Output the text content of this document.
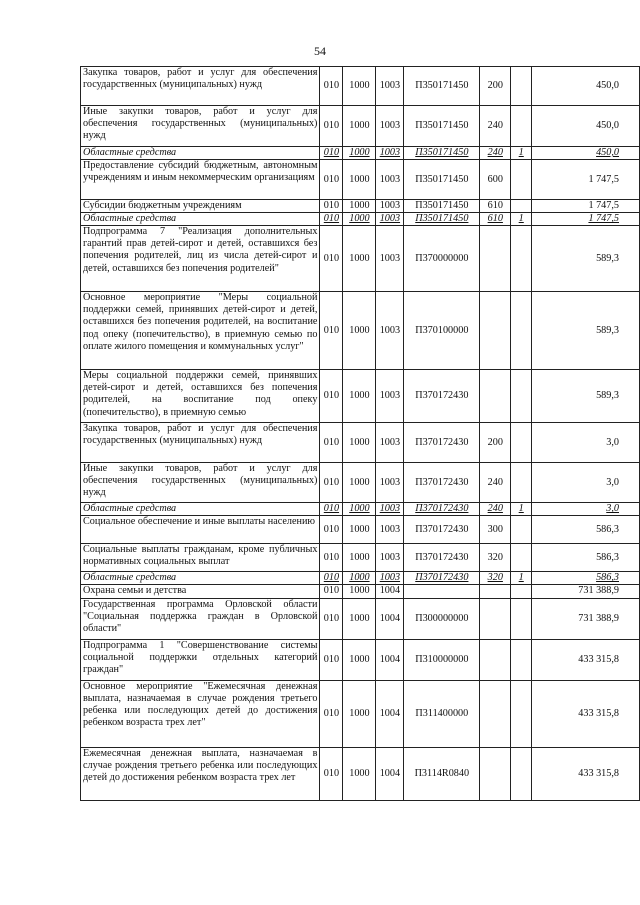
54
Закупка товаров, работ и услуг для обеспечения государственных (муниципальных) нужд	010	1000	1003	П350171450	200		450,0
Иные закупки товаров, работ и услуг для обеспечения государственных (муниципальных) нужд	010	1000	1003	П350171450	240		450,0
Областные средства	010	1000	1003	П350171450	240	1	450,0
Предоставление субсидий бюджетным, автономным учреждениям и иным некоммерческим организациям	010	1000	1003	П350171450	600		1 747,5
Субсидии бюджетным учреждениям	010	1000	1003	П350171450	610		1 747,5
Областные средства	010	1000	1003	П350171450	610	1	1 747,5
Подпрограмма 7 "Реализация дополнительных гарантий прав детей-сирот и детей, оставшихся без попечения родителей, лиц из числа детей-сирот и детей, оставшихся без попечения родителей"	010	1000	1003	П370000000			589,3
Основное мероприятие "Меры социальной поддержки семей, принявших детей-сирот и детей, оставшихся без попечения родителей, на воспитание под опеку (попечительство), в приемную семью по оплате жилого помещения и коммунальных услуг"	010	1000	1003	П370100000			589,3
Меры социальной поддержки семей, принявших детей-сирот и детей, оставшихся без попечения родителей, на воспитание под опеку (попечительство), в приемную семью	010	1000	1003	П370172430			589,3
Закупка товаров, работ и услуг для обеспечения государственных (муниципальных) нужд	010	1000	1003	П370172430	200		3,0
Иные закупки товаров, работ и услуг для обеспечения государственных (муниципальных) нужд	010	1000	1003	П370172430	240		3,0
Областные средства	010	1000	1003	П370172430	240	1	3,0
Социальное обеспечение и иные выплаты населению	010	1000	1003	П370172430	300		586,3
Социальные выплаты гражданам, кроме публичных нормативных социальных выплат	010	1000	1003	П370172430	320		586,3
Областные средства	010	1000	1003	П370172430	320	1	586,3
Охрана семьи и детства	010	1000	1004				731 388,9
Государственная программа Орловской области "Социальная поддержка граждан в Орловской области"	010	1000	1004	П300000000			731 388,9
Подпрограмма 1 "Совершенствование системы социальной поддержки отдельных категорий граждан"	010	1000	1004	П310000000			433 315,8
Основное мероприятие "Ежемесячная денежная выплата, назначаемая в случае рождения третьего ребенка или последующих детей до достижения ребенком возраста трех лет"	010	1000	1004	П311400000			433 315,8
Ежемесячная денежная выплата, назначаемая в случае рождения третьего ребенка или последующих детей до достижения ребенком возраста трех лет	010	1000	1004	П3114R0840			433 315,8
